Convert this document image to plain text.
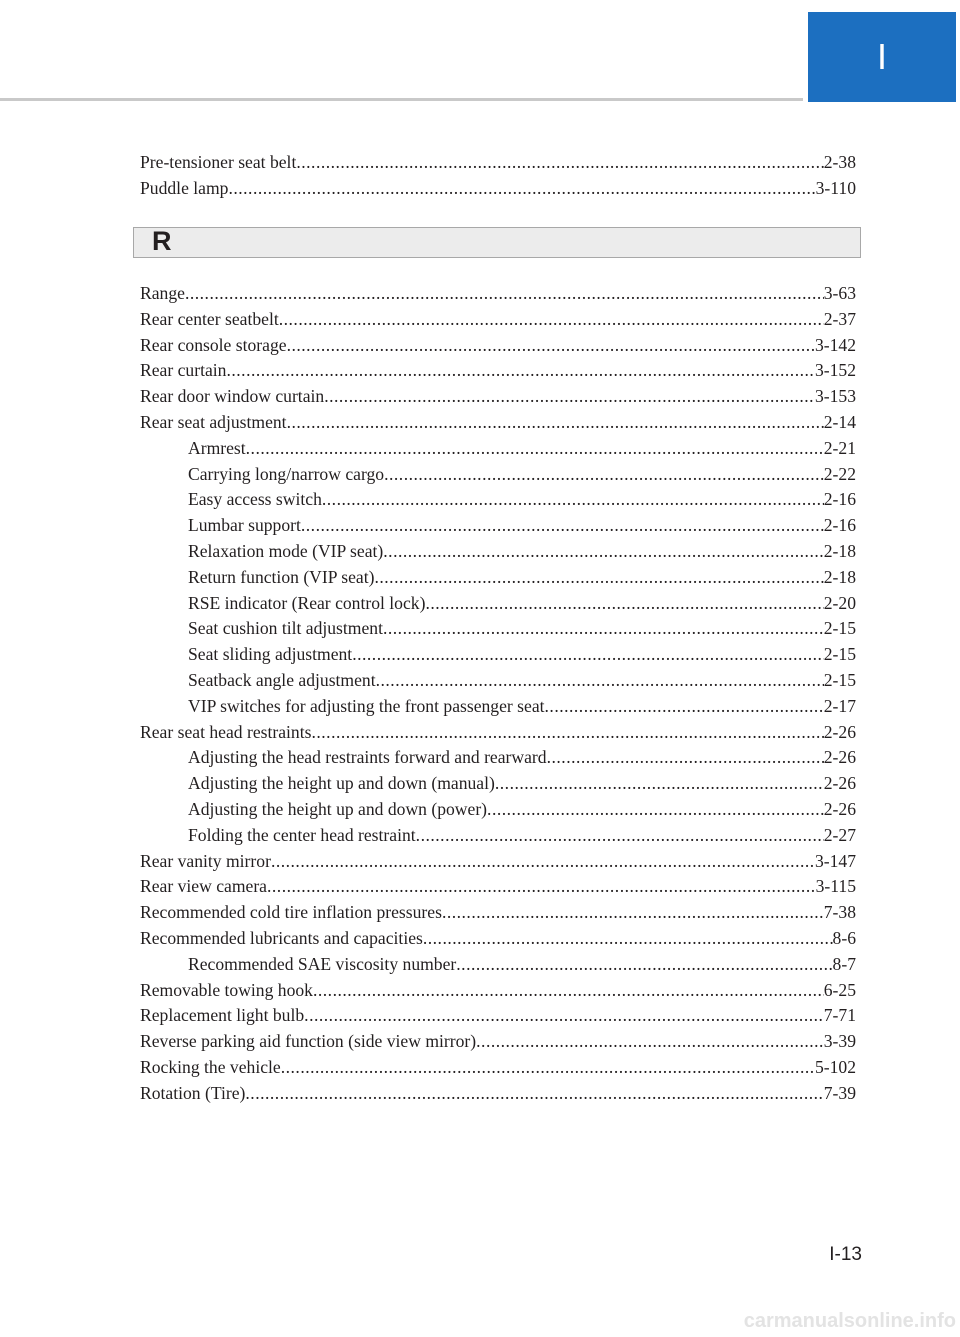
I
Pre-tensioner seat belt .....	2-38
Puddle lamp .....	3-110
R
Range .....	3-63
Rear center seatbelt .....	2-37
Rear console storage .....	3-142
Rear curtain .....	3-152
Rear door window curtain .....	3-153
Rear seat adjustment .....	2-14
Armrest .....	2-21
Carrying long/narrow cargo .....	2-22
Easy access switch .....	2-16
Lumbar support .....	2-16
Relaxation mode (VIP seat) .....	2-18
Return function (VIP seat) .....	2-18
RSE indicator (Rear control lock) .....	2-20
Seat cushion tilt adjustment .....	2-15
Seat sliding adjustment .....	2-15
Seatback angle adjustment .....	2-15
VIP switches for adjusting the front passenger seat .....	2-17
Rear seat head restraints .....	2-26
Adjusting the head restraints forward and rearward .....	2-26
Adjusting the height up and down (manual) .....	2-26
Adjusting the height up and down (power) .....	2-26
Folding the center head restraint .....	2-27
Rear vanity mirror .....	3-147
Rear view camera .....	3-115
Recommended cold tire inflation pressures .....	7-38
Recommended lubricants and capacities .....	8-6
Recommended SAE viscosity number .....	8-7
Removable towing hook .....	6-25
Replacement light bulb .....	7-71
Reverse parking aid function (side view mirror) .....	3-39
Rocking the vehicle .....	5-102
Rotation (Tire) .....	7-39
I-13
carmanualsonline.info
